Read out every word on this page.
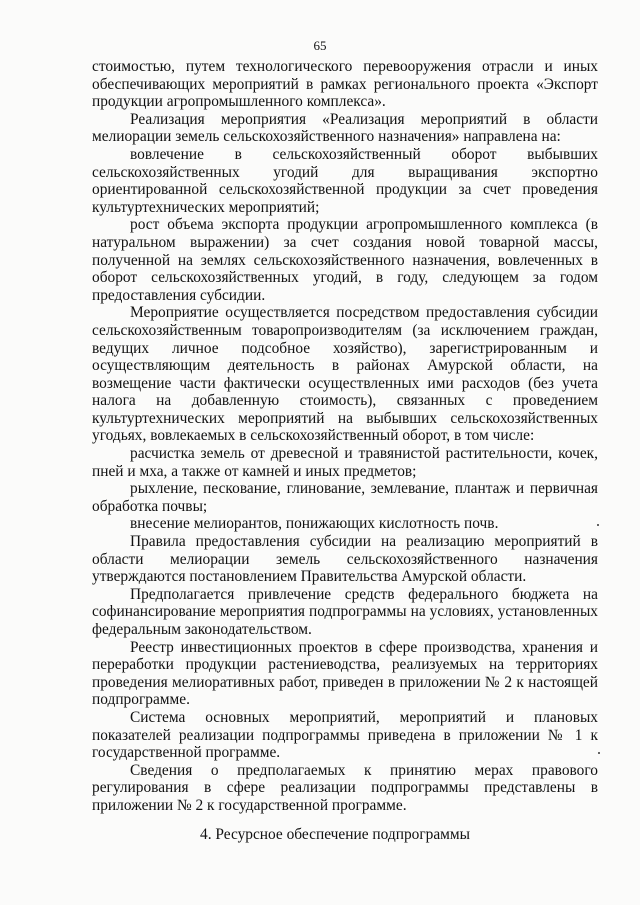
65

стоимостью, путем технологического перевооружения отрасли и иных обеспечивающих мероприятий в рамках регионального проекта «Экспорт продукции агропромышленного комплекса».

Реализация мероприятия «Реализация мероприятий в области мелиорации земель сельскохозяйственного назначения» направлена на:

вовлечение в сельскохозяйственный оборот выбывших сельскохозяйственных угодий для выращивания экспортно ориентированной сельскохозяйственной продукции за счет проведения культуртехнических мероприятий;

рост объема экспорта продукции агропромышленного комплекса (в натуральном выражении) за счет создания новой товарной массы, полученной на землях сельскохозяйственного назначения, вовлеченных в оборот сельскохозяйственных угодий, в году, следующем за годом предоставления субсидии.

Мероприятие осуществляется посредством предоставления субсидии сельскохозяйственным товаропроизводителям (за исключением граждан, ведущих личное подсобное хозяйство), зарегистрированным и осуществляющим деятельность в районах Амурской области, на возмещение части фактически осуществленных ими расходов (без учета налога на добавленную стоимость), связанных с проведением культуртехнических мероприятий на выбывших сельскохозяйственных угодьях, вовлекаемых в сельскохозяйственный оборот, в том числе:

расчистка земель от древесной и травянистой растительности, кочек, пней и мха, а также от камней и иных предметов;

рыхление, пескование, глинование, землевание, плантаж и первичная обработка почвы;

внесение мелиорантов, понижающих кислотность почв.

Правила предоставления субсидии на реализацию мероприятий в области мелиорации земель сельскохозяйственного назначения утверждаются постановлением Правительства Амурской области.

Предполагается привлечение средств федерального бюджета на софинансирование мероприятия подпрограммы на условиях, установленных федеральным законодательством.

Реестр инвестиционных проектов в сфере производства, хранения и переработки продукции растениеводства, реализуемых на территориях проведения мелиоративных работ, приведен в приложении № 2 к настоящей подпрограмме.

Система основных мероприятий, мероприятий и плановых показателей реализации подпрограммы приведена в приложении № 1 к государственной программе.

Сведения о предполагаемых к принятию мерах правового регулирования в сфере реализации подпрограммы представлены в приложении № 2 к государственной программе.

4. Ресурсное обеспечение подпрограммы
